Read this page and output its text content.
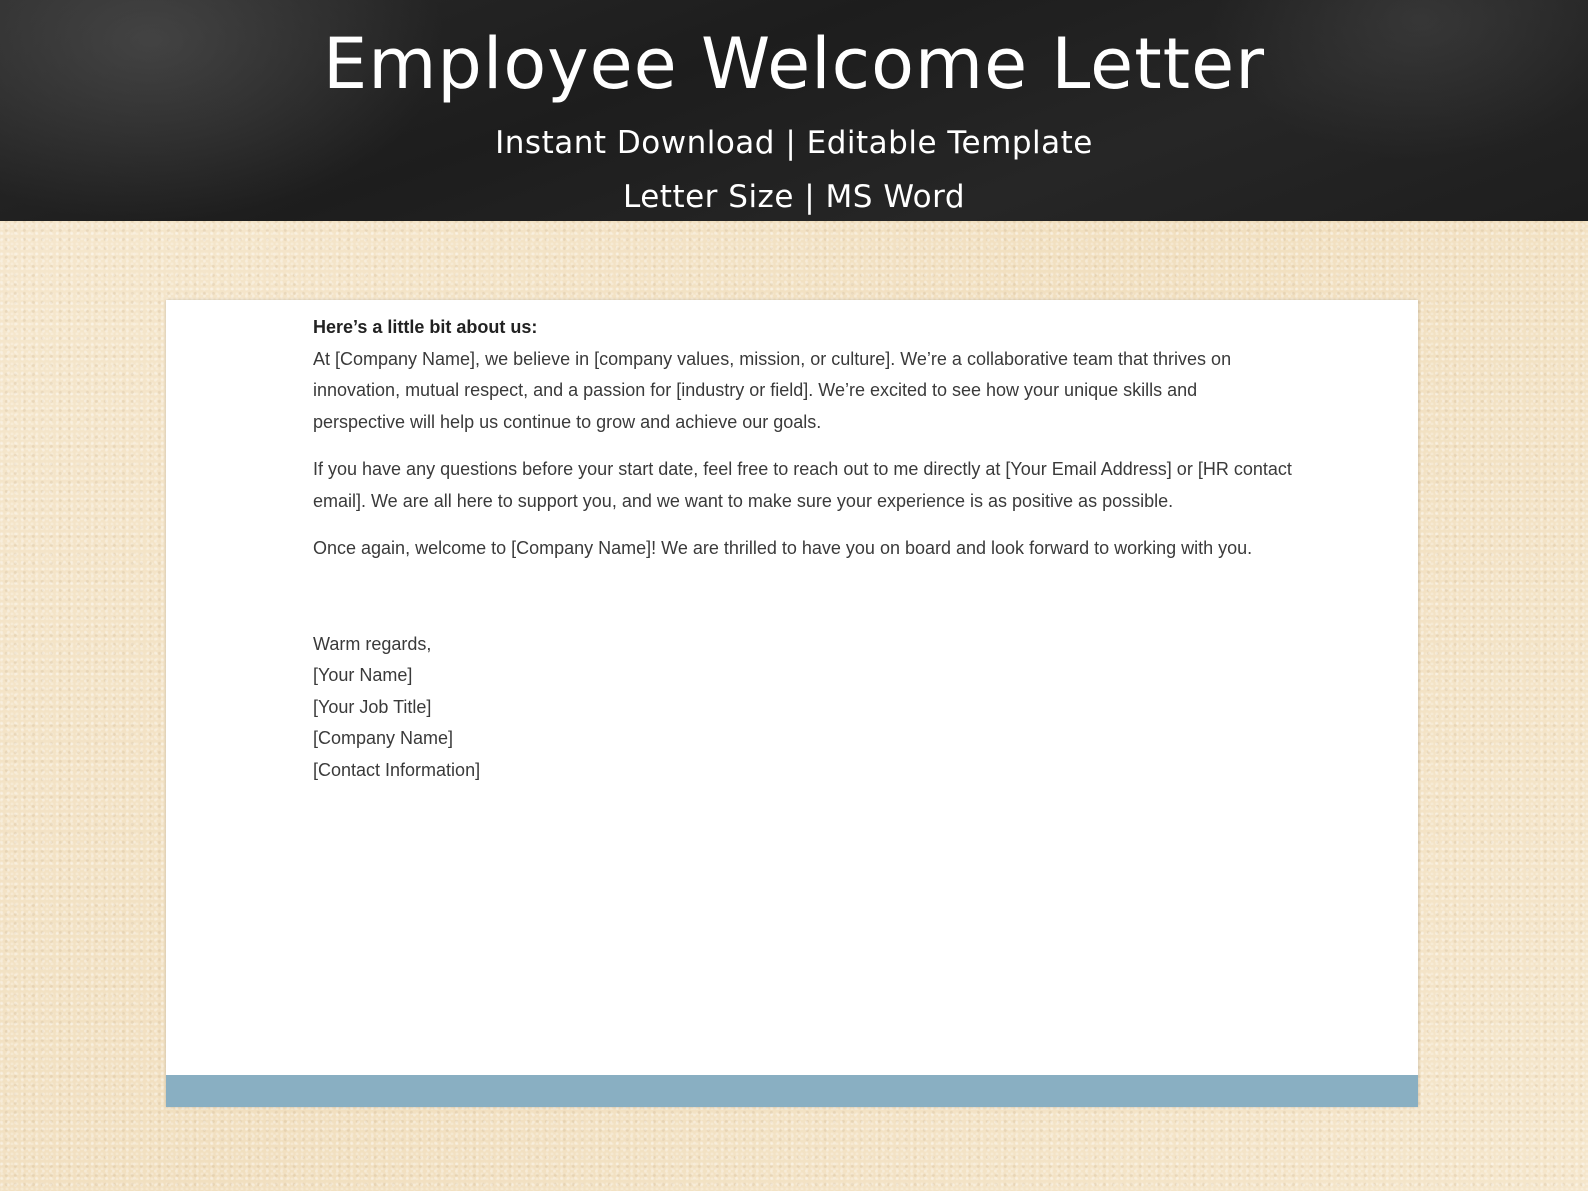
Employee Welcome Letter
Instant Download | Editable Template
Letter Size | MS Word

Here’s a little bit about us:

At [Company Name], we believe in [company values, mission, or culture]. We’re a collaborative team that thrives on innovation, mutual respect, and a passion for [industry or field]. We’re excited to see how your unique skills and perspective will help us continue to grow and achieve our goals.

If you have any questions before your start date, feel free to reach out to me directly at [Your Email Address] or [HR contact email]. We are all here to support you, and we want to make sure your experience is as positive as possible.

Once again, welcome to [Company Name]! We are thrilled to have you on board and look forward to working with you.

Warm regards,
[Your Name]
[Your Job Title]
[Company Name]
[Contact Information]
